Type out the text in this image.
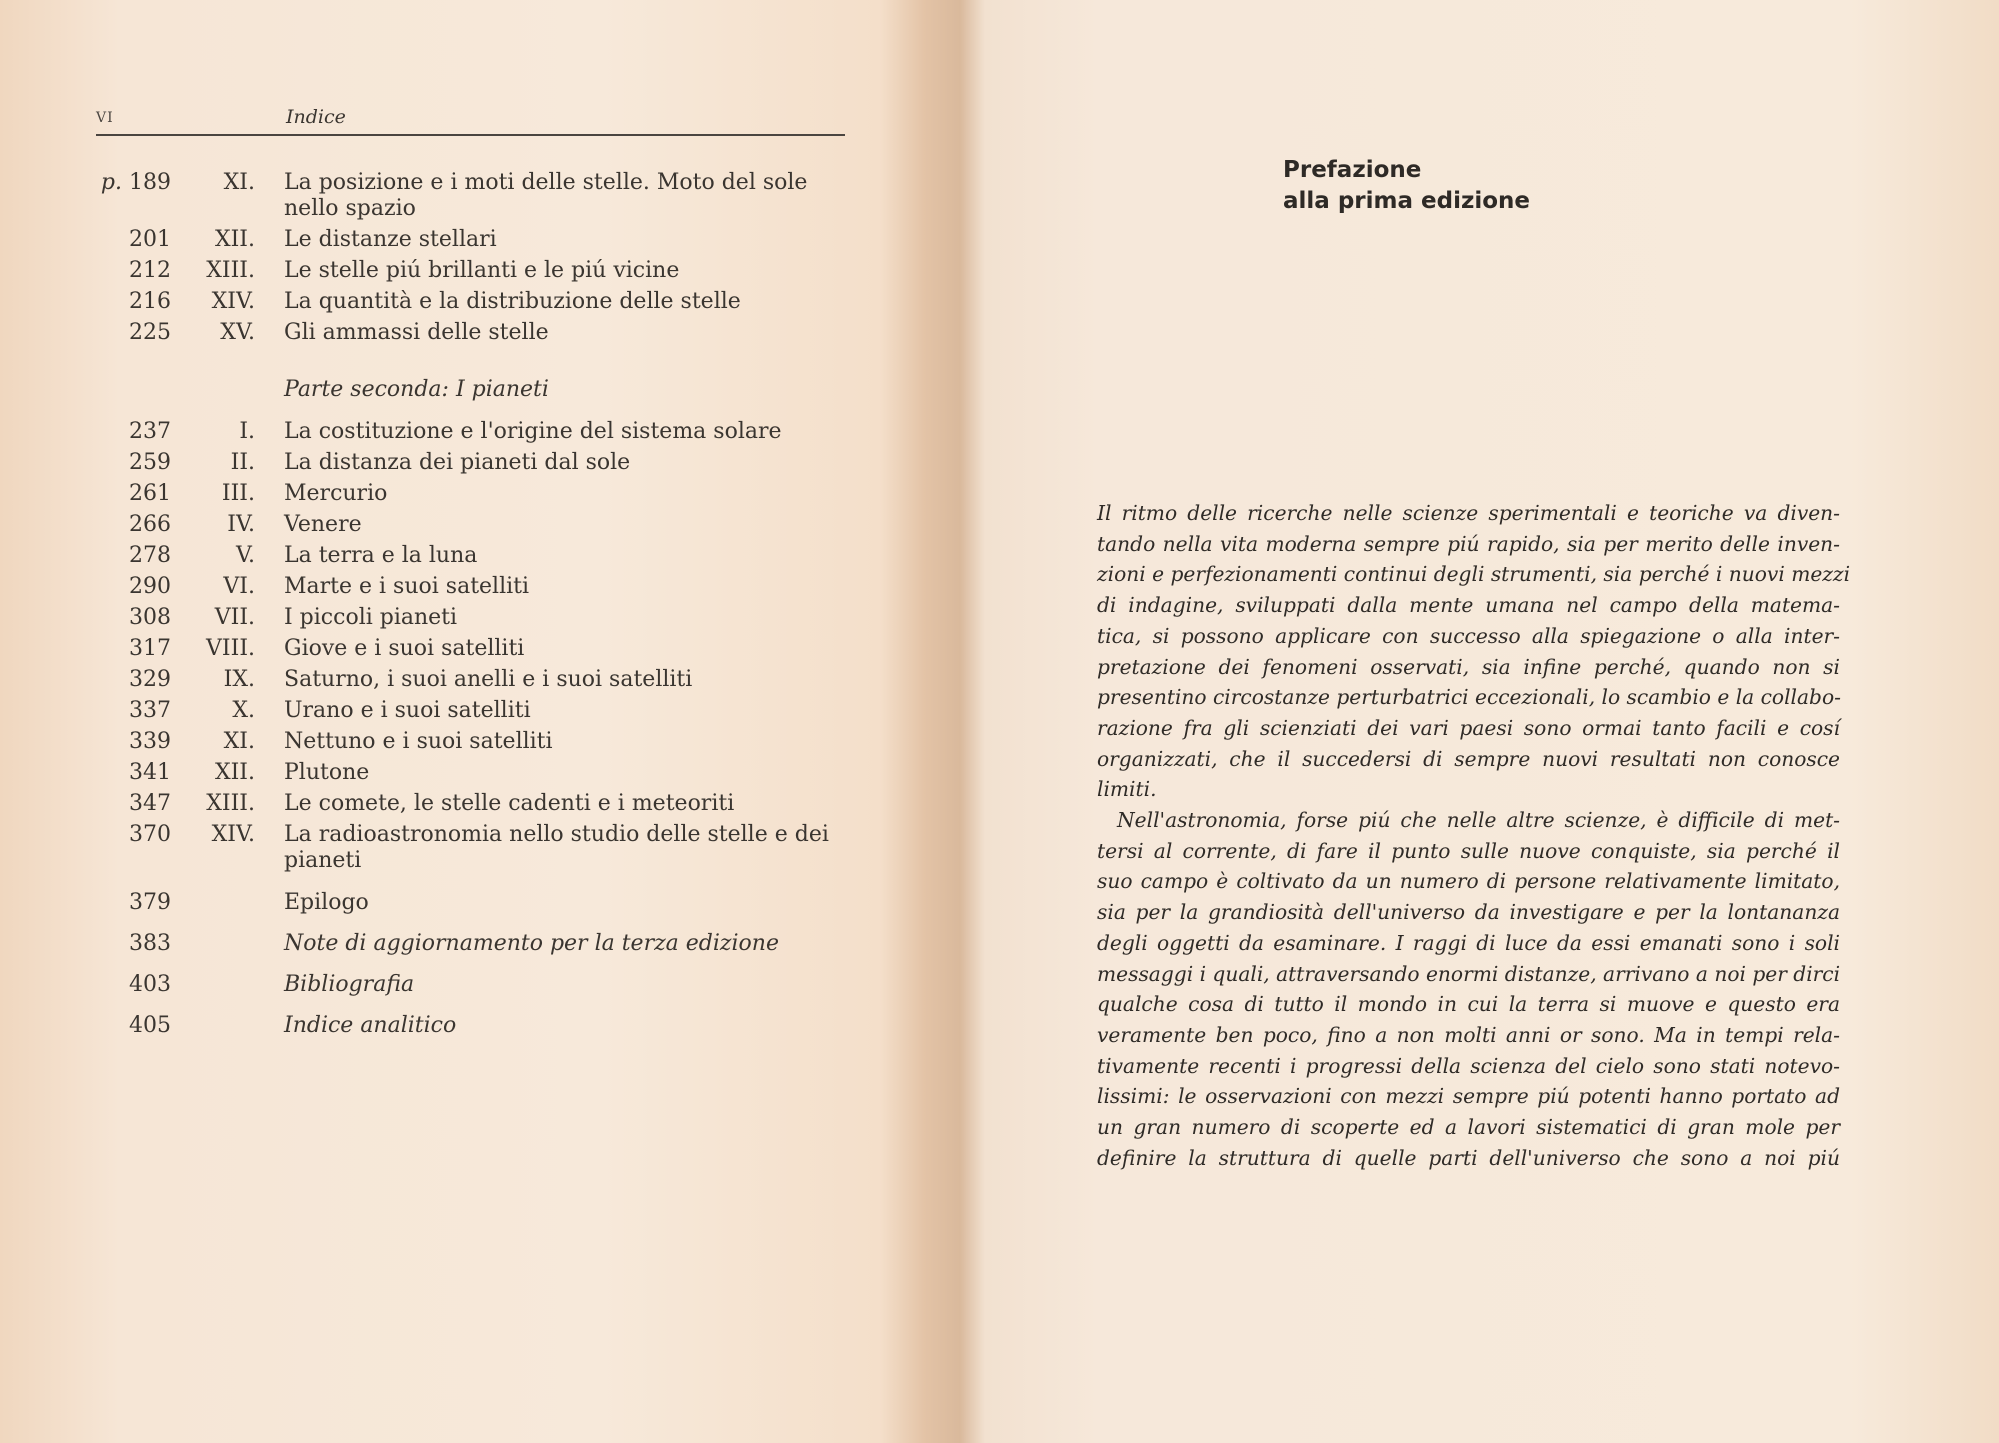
VI	Indice
p. 189	XI. La posizione e i moti delle stelle. Moto del sole
nello spazio
201	XII. Le distanze stellari
212	XIII. Le stelle piú brillanti e le piú vicine
216	XIV. La quantità e la distribuzione delle stelle
225	XV. Gli ammassi delle stelle
Parte seconda: I pianeti
237	I. La costituzione e l'origine del sistema solare
259	II. La distanza dei pianeti dal sole
261	III. Mercurio
266	IV. Venere
278	V. La terra e la luna
290	VI. Marte e i suoi satelliti
308	VII. I piccoli pianeti
317	VIII. Giove e i suoi satelliti
329	IX. Saturno, i suoi anelli e i suoi satelliti
337	X. Urano e i suoi satelliti
339	XI. Nettuno e i suoi satelliti
341	XII. Plutone
347	XIII. Le comete, le stelle cadenti e i meteoriti
370	XIV. La radioastronomia nello studio delle stelle e dei
pianeti
379	Epilogo
383	Note di aggiornamento per la terza edizione
403	Bibliografia
405	Indice analitico
Prefazione
alla prima edizione
Il ritmo delle ricerche nelle scienze sperimentali e teoriche va diven-
tando nella vita moderna sempre piú rapido, sia per merito delle inven-
zioni e perfezionamenti continui degli strumenti, sia perché i nuovi mezzi
di indagine, sviluppati dalla mente umana nel campo della matema-
tica, si possono applicare con successo alla spiegazione o alla inter-
pretazione dei fenomeni osservati, sia infine perché, quando non si
presentino circostanze perturbatrici eccezionali, lo scambio e la collabo-
razione fra gli scienziati dei vari paesi sono ormai tanto facili e cosí
organizzati, che il succedersi di sempre nuovi resultati non conosce
limiti.
Nell'astronomia, forse piú che nelle altre scienze, è difficile di met-
tersi al corrente, di fare il punto sulle nuove conquiste, sia perché il
suo campo è coltivato da un numero di persone relativamente limitato,
sia per la grandiosità dell'universo da investigare e per la lontananza
degli oggetti da esaminare. I raggi di luce da essi emanati sono i soli
messaggi i quali, attraversando enormi distanze, arrivano a noi per dirci
qualche cosa di tutto il mondo in cui la terra si muove e questo era
veramente ben poco, fino a non molti anni or sono. Ma in tempi rela-
tivamente recenti i progressi della scienza del cielo sono stati notevo-
lissimi: le osservazioni con mezzi sempre piú potenti hanno portato ad
un gran numero di scoperte ed a lavori sistematici di gran mole per
definire la struttura di quelle parti dell'universo che sono a noi piú
